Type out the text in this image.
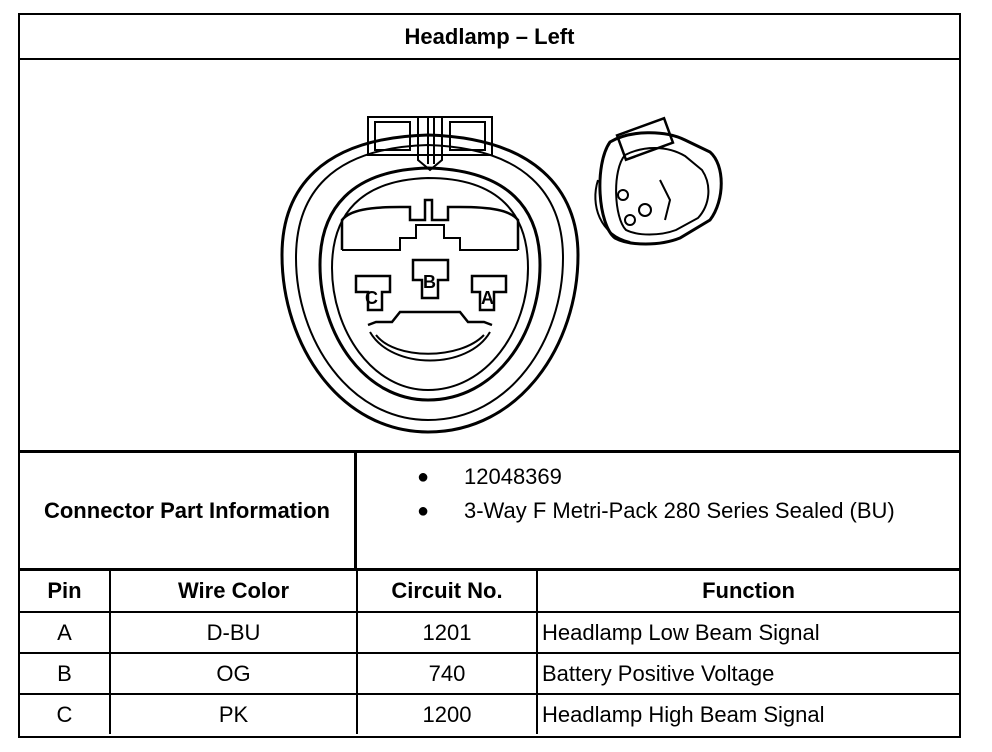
Headlamp – Left
C
B
A
Connector Part Information
● 12048369
● 3-Way F Metri-Pack 280 Series Sealed (BU)
Pin	Wire Color	Circuit No.	Function
A	D-BU	1201	Headlamp Low Beam Signal
B	OG	740	Battery Positive Voltage
C	PK	1200	Headlamp High Beam Signal
